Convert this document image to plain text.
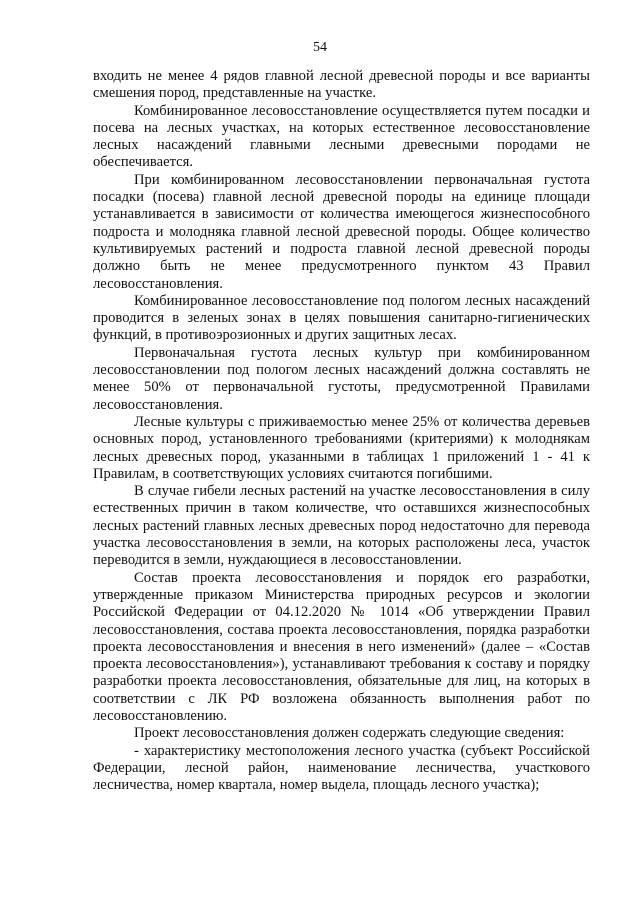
54

входить не менее 4 рядов главной лесной древесной породы и все варианты смешения пород, представленные на участке.

Комбинированное лесовосстановление осуществляется путем посадки и посева на лесных участках, на которых естественное лесовосстановление лесных насаждений главными лесными древесными породами не обеспечивается.

При комбинированном лесовосстановлении первоначальная густота посадки (посева) главной лесной древесной породы на единице площади устанавливается в зависимости от количества имеющегося жизнеспособного подроста и молодняка главной лесной древесной породы. Общее количество культивируемых растений и подроста главной лесной древесной породы должно быть не менее предусмотренного пунктом 43 Правил лесовосстановления.

Комбинированное лесовосстановление под пологом лесных насаждений проводится в зеленых зонах в целях повышения санитарно-гигиенических функций, в противоэрозионных и других защитных лесах.

Первоначальная густота лесных культур при комбинированном лесовосстановлении под пологом лесных насаждений должна составлять не менее 50% от первоначальной густоты, предусмотренной Правилами лесовосстановления.

Лесные культуры с приживаемостью менее 25% от количества деревьев основных пород, установленного требованиями (критериями) к молоднякам лесных древесных пород, указанными в таблицах 1 приложений 1 - 41 к Правилам, в соответствующих условиях считаются погибшими.

В случае гибели лесных растений на участке лесовосстановления в силу естественных причин в таком количестве, что оставшихся жизнеспособных лесных растений главных лесных древесных пород недостаточно для перевода участка лесовосстановления в земли, на которых расположены леса, участок переводится в земли, нуждающиеся в лесовосстановлении.

Состав проекта лесовосстановления и порядок его разработки, утвержденные приказом Министерства природных ресурсов и экологии Российской Федерации от 04.12.2020 № 1014 «Об утверждении Правил лесовосстановления, состава проекта лесовосстановления, порядка разработки проекта лесовосстановления и внесения в него изменений» (далее – «Состав проекта лесовосстановления»), устанавливают требования к составу и порядку разработки проекта лесовосстановления, обязательные для лиц, на которых в соответствии с ЛК РФ возложена обязанность выполнения работ по лесовосстановлению.

Проект лесовосстановления должен содержать следующие сведения:

- характеристику местоположения лесного участка (субъект Российской Федерации, лесной район, наименование лесничества, участкового лесничества, номер квартала, номер выдела, площадь лесного участка);
